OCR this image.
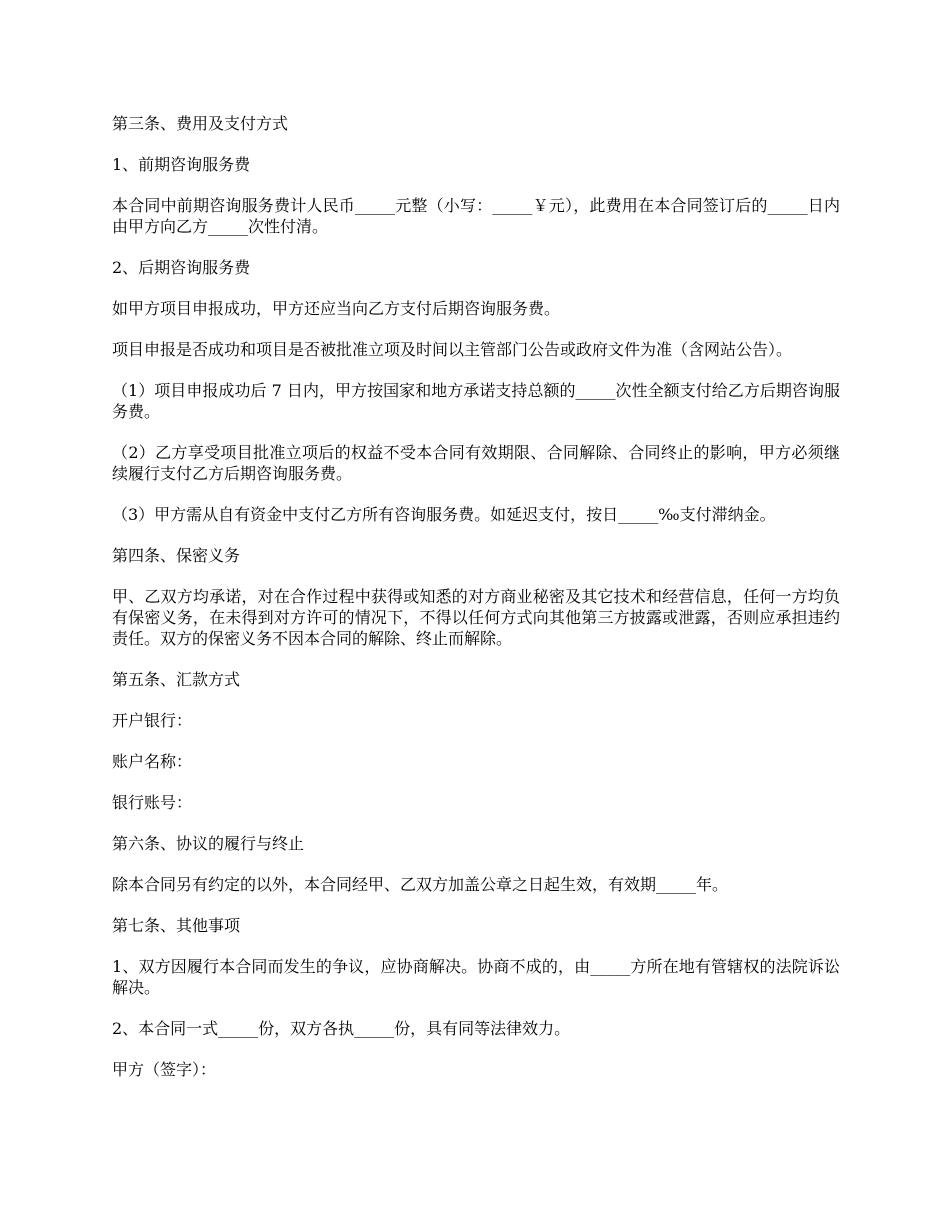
第三条、费用及支付方式

1、前期咨询服务费

本合同中前期咨询服务费计人民币_____元整（小写：_____￥元），此费用在本合同签订后的_____日内由甲方向乙方_____次性付清。

2、后期咨询服务费

如甲方项目申报成功，甲方还应当向乙方支付后期咨询服务费。

项目申报是否成功和项目是否被批准立项及时间以主管部门公告或政府文件为准（含网站公告）。

（1）项目申报成功后 7 日内，甲方按国家和地方承诺支持总额的_____次性全额支付给乙方后期咨询服务费。

（2）乙方享受项目批准立项后的权益不受本合同有效期限、合同解除、合同终止的影响，甲方必须继续履行支付乙方后期咨询服务费。

（3）甲方需从自有资金中支付乙方所有咨询服务费。如延迟支付，按日_____‰支付滞纳金。

第四条、保密义务

甲、乙双方均承诺，对在合作过程中获得或知悉的对方商业秘密及其它技术和经营信息，任何一方均负有保密义务，在未得到对方许可的情况下，不得以任何方式向其他第三方披露或泄露，否则应承担违约责任。双方的保密义务不因本合同的解除、终止而解除。

第五条、汇款方式

开户银行：

账户名称：

银行账号：

第六条、协议的履行与终止

除本合同另有约定的以外，本合同经甲、乙双方加盖公章之日起生效，有效期_____年。

第七条、其他事项

1、双方因履行本合同而发生的争议，应协商解决。协商不成的，由_____方所在地有管辖权的法院诉讼解决。

2、本合同一式_____份，双方各执_____份，具有同等法律效力。

甲方（签字）：
